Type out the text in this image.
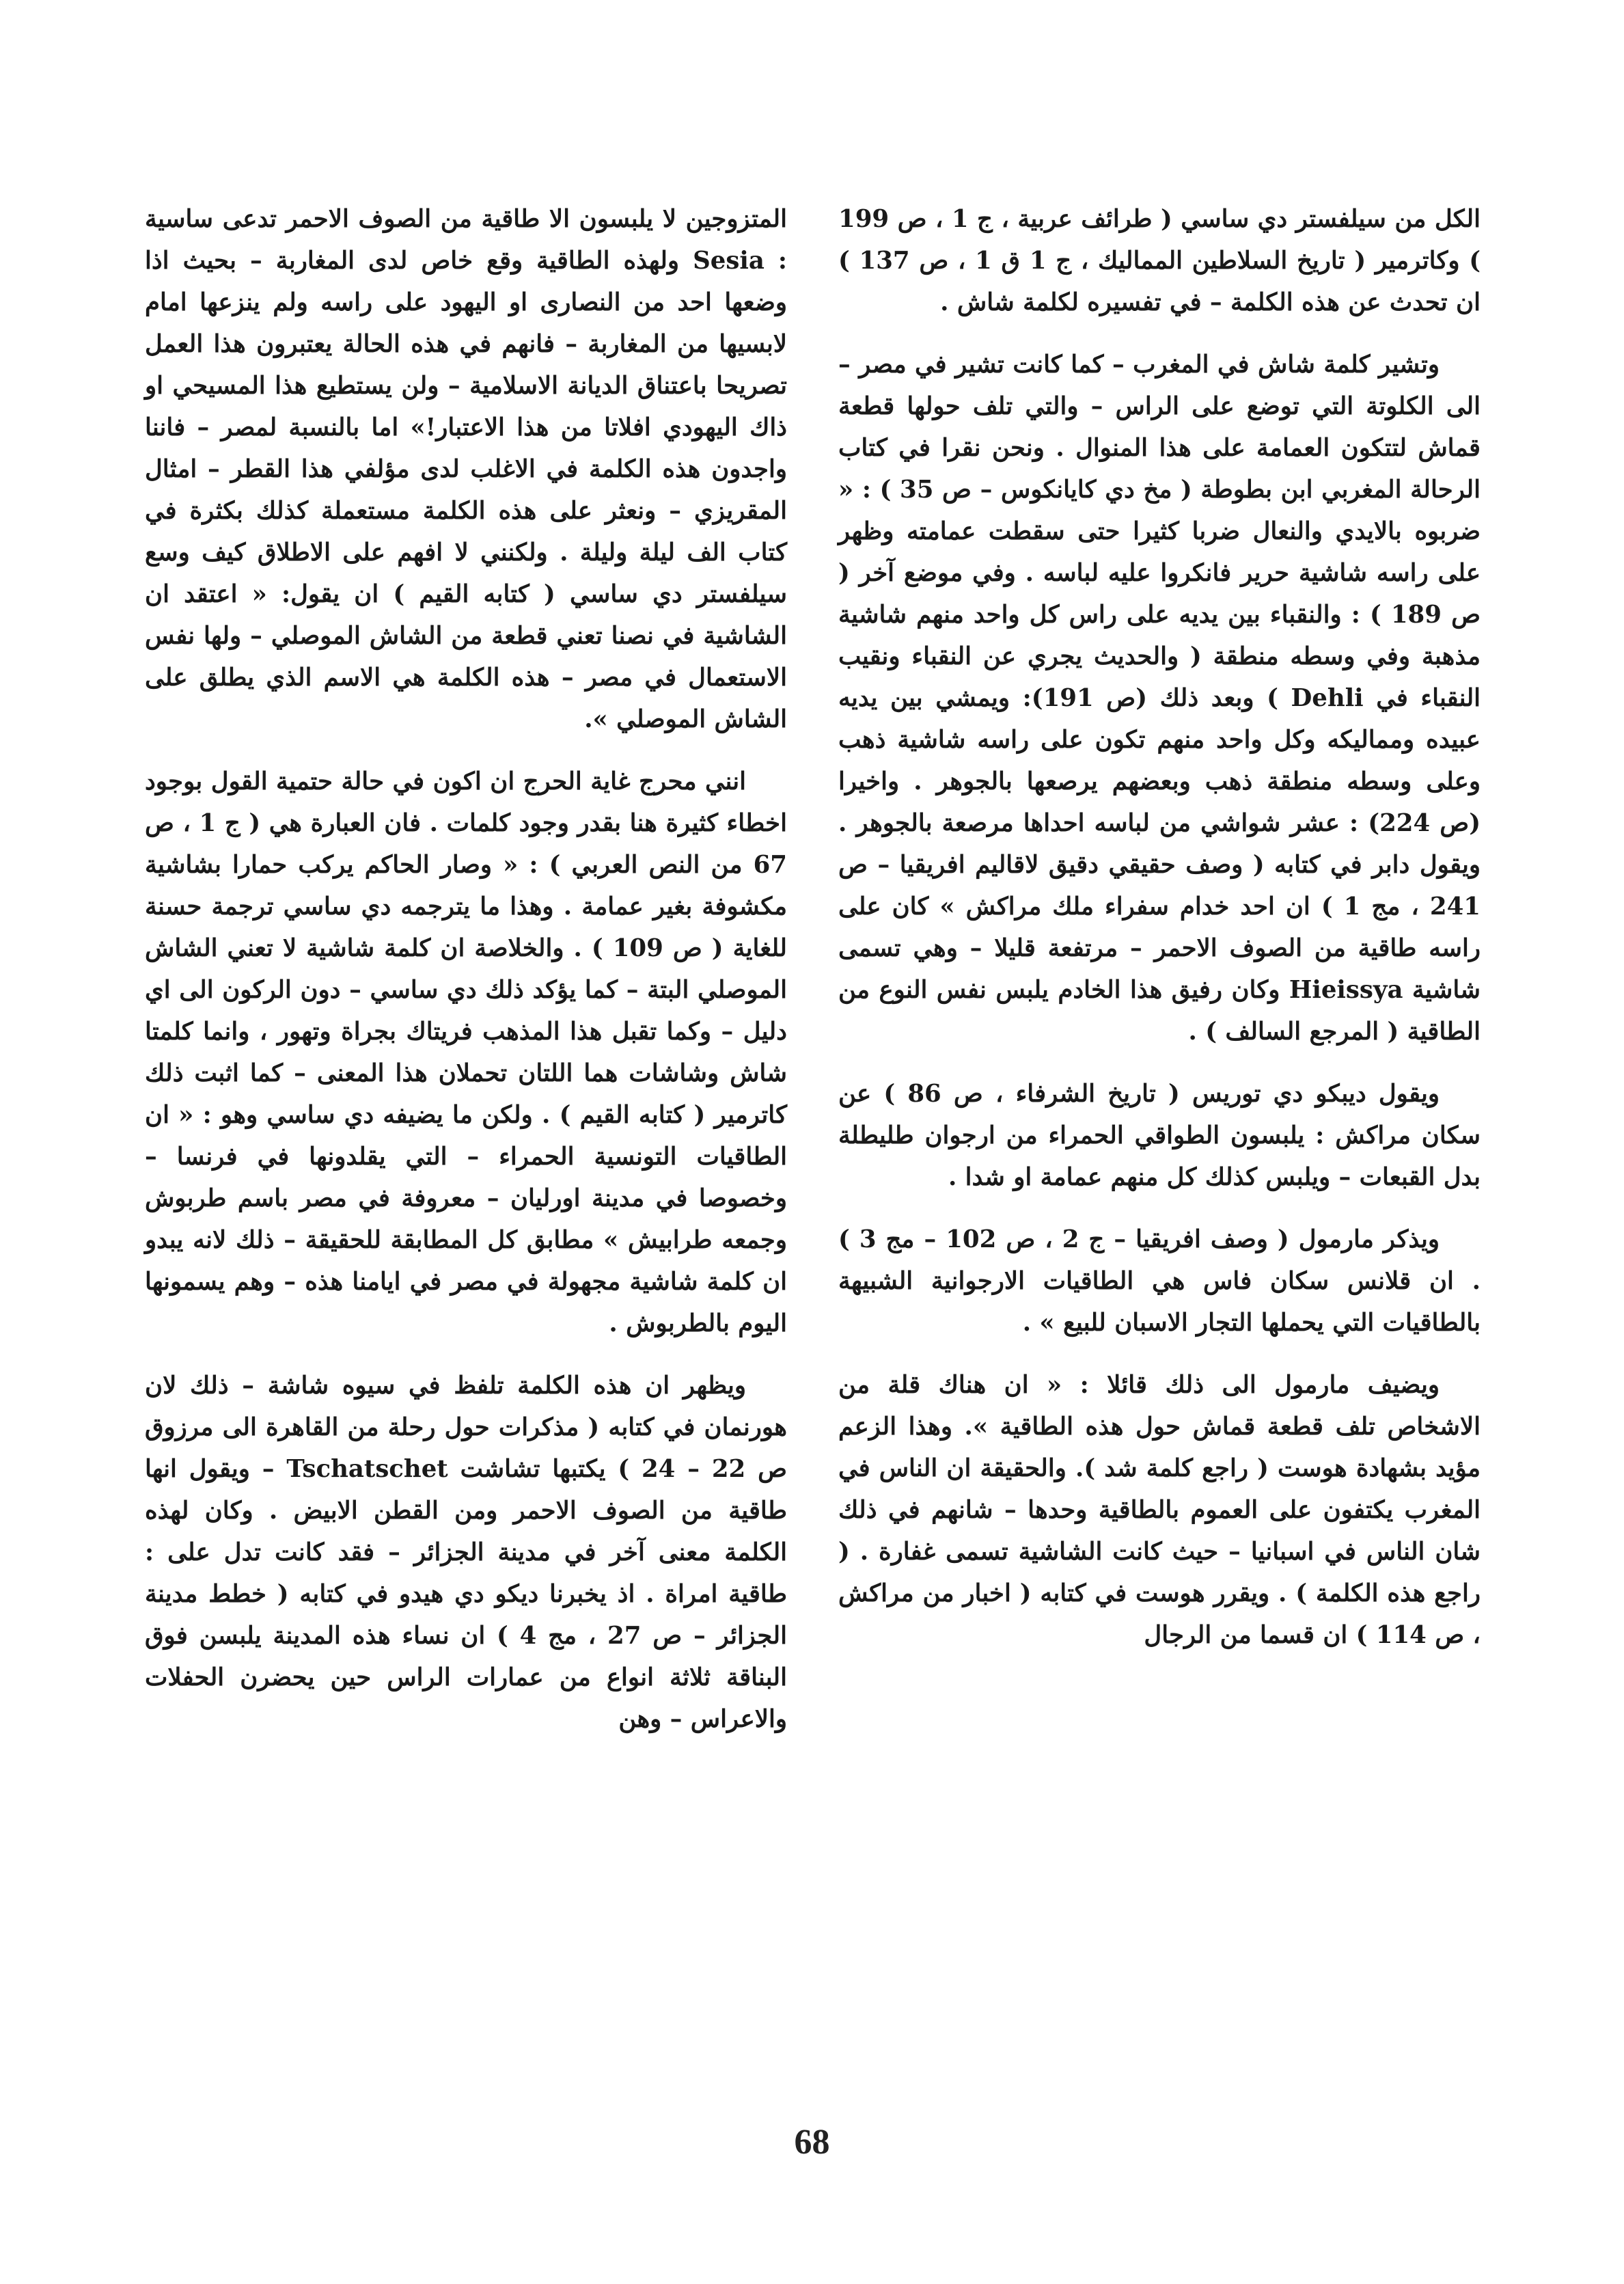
الكل من سيلفستر دي ساسي ( طرائف عربية ، ج 1 ، ص 199 ) وكاترمير ( تاريخ السلاطين المماليك ، ج 1 ق 1 ، ص 137 ) ان تحدث عن هذه الكلمة – في تفسيره لكلمة شاش .

وتشير كلمة شاش في المغرب – كما كانت تشير في مصر – الى الكلوتة التي توضع على الراس – والتي تلف حولها قطعة قماش لتتكون العمامة على هذا المنوال . ونحن نقرا في كتاب الرحالة المغربي ابن بطوطة ( مخ دي كايانكوس – ص 35 ) : « ضربوه بالايدي والنعال ضربا كثيرا حتى سقطت عمامته وظهر على راسه شاشية حرير فانكروا عليه لباسه . وفي موضع آخر ( ص 189 ) : والنقباء بين يديه على راس كل واحد منهم شاشية مذهبة وفي وسطه منطقة ( والحديث يجري عن النقباء ونقيب النقباء في Dehli ) وبعد ذلك (ص 191): ويمشي بين يديه عبيده ومماليكه وكل واحد منهم تكون على راسه شاشية ذهب وعلى وسطه منطقة ذهب وبعضهم يرصعها بالجوهر . واخيرا (ص 224) : عشر شواشي من لباسه احداها مرصعة بالجوهر . ويقول دابر في كتابه ( وصف حقيقي دقيق لاقاليم افريقيا – ص 241 ، مج 1 ) ان احد خدام سفراء ملك مراكش » كان على راسه طاقية من الصوف الاحمر – مرتفعة قليلا – وهي تسمى شاشية Hieissya وكان رفيق هذا الخادم يلبس نفس النوع من الطاقية ( المرجع السالف ) .

ويقول ديبكو دي توريس ( تاريخ الشرفاء ، ص 86 ) عن سكان مراكش : يلبسون الطواقي الحمراء من ارجوان طليطلة بدل القبعات – ويلبس كذلك كل منهم عمامة او شدا .

ويذكر مارمول ( وصف افريقيا – ج 2 ، ص 102 – مج 3 ) . ان قلانس سكان فاس هي الطاقيات الارجوانية الشبيهة بالطاقيات التي يحملها التجار الاسبان للبيع » .

ويضيف مارمول الى ذلك قائلا : « ان هناك قلة من الاشخاص تلف قطعة قماش حول هذه الطاقية ». وهذا الزعم مؤيد بشهادة هوست ( راجع كلمة شد ). والحقيقة ان الناس في المغرب يكتفون على العموم بالطاقية وحدها – شانهم في ذلك شان الناس في اسبانيا – حيث كانت الشاشية تسمى غفارة . ( راجع هذه الكلمة ) . ويقرر هوست في كتابه ( اخبار من مراكش ، ص 114 ) ان قسما من الرجال

المتزوجين لا يلبسون الا طاقية من الصوف الاحمر تدعى ساسية : Sesia ولهذه الطاقية وقع خاص لدى المغاربة – بحيث اذا وضعها احد من النصارى او اليهود على راسه ولم ينزعها امام لابسيها من المغاربة – فانهم في هذه الحالة يعتبرون هذا العمل تصريحا باعتناق الديانة الاسلامية – ولن يستطيع هذا المسيحي او ذاك اليهودي افلاتا من هذا الاعتبار!» اما بالنسبة لمصر – فاننا واجدون هذه الكلمة في الاغلب لدى مؤلفي هذا القطر – امثال المقريزي – ونعثر على هذه الكلمة مستعملة كذلك بكثرة في كتاب الف ليلة وليلة . ولكنني لا افهم على الاطلاق كيف وسع سيلفستر دي ساسي ( كتابه القيم ) ان يقول: « اعتقد ان الشاشية في نصنا تعني قطعة من الشاش الموصلي – ولها نفس الاستعمال في مصر – هذه الكلمة هي الاسم الذي يطلق على الشاش الموصلي ».

انني محرج غاية الحرج ان اكون في حالة حتمية القول بوجود اخطاء كثيرة هنا بقدر وجود كلمات . فان العبارة هي ( ج 1 ، ص 67 من النص العربي ) : « وصار الحاكم يركب حمارا بشاشية مكشوفة بغير عمامة . وهذا ما يترجمه دي ساسي ترجمة حسنة للغاية ( ص 109 ) . والخلاصة ان كلمة شاشية لا تعني الشاش الموصلي البتة – كما يؤكد ذلك دي ساسي – دون الركون الى اي دليل – وكما تقبل هذا المذهب فريتاك بجراة وتهور ، وانما كلمتا شاش وشاشات هما اللتان تحملان هذا المعنى – كما اثبت ذلك كاترمير ( كتابه القيم ) . ولكن ما يضيفه دي ساسي وهو : « ان الطاقيات التونسية الحمراء – التي يقلدونها في فرنسا – وخصوصا في مدينة اورليان – معروفة في مصر باسم طربوش وجمعه طرابيش » مطابق كل المطابقة للحقيقة – ذلك لانه يبدو ان كلمة شاشية مجهولة في مصر في ايامنا هذه – وهم يسمونها اليوم بالطربوش .

ويظهر ان هذه الكلمة تلفظ في سيوه شاشة – ذلك لان هورنمان في كتابه ( مذكرات حول رحلة من القاهرة الى مرزوق ص 22 – 24 ) يكتبها تشاشت Tschatschet – ويقول انها طاقية من الصوف الاحمر ومن القطن الابيض . وكان لهذه الكلمة معنى آخر في مدينة الجزائر – فقد كانت تدل على : طاقية امراة . اذ يخبرنا ديكو دي هيدو في كتابه ( خطط مدينة الجزائر – ص 27 ، مج 4 ) ان نساء هذه المدينة يلبسن فوق البناقة ثلاثة انواع من عمارات الراس حين يحضرن الحفلات والاعراس – وهن

68
